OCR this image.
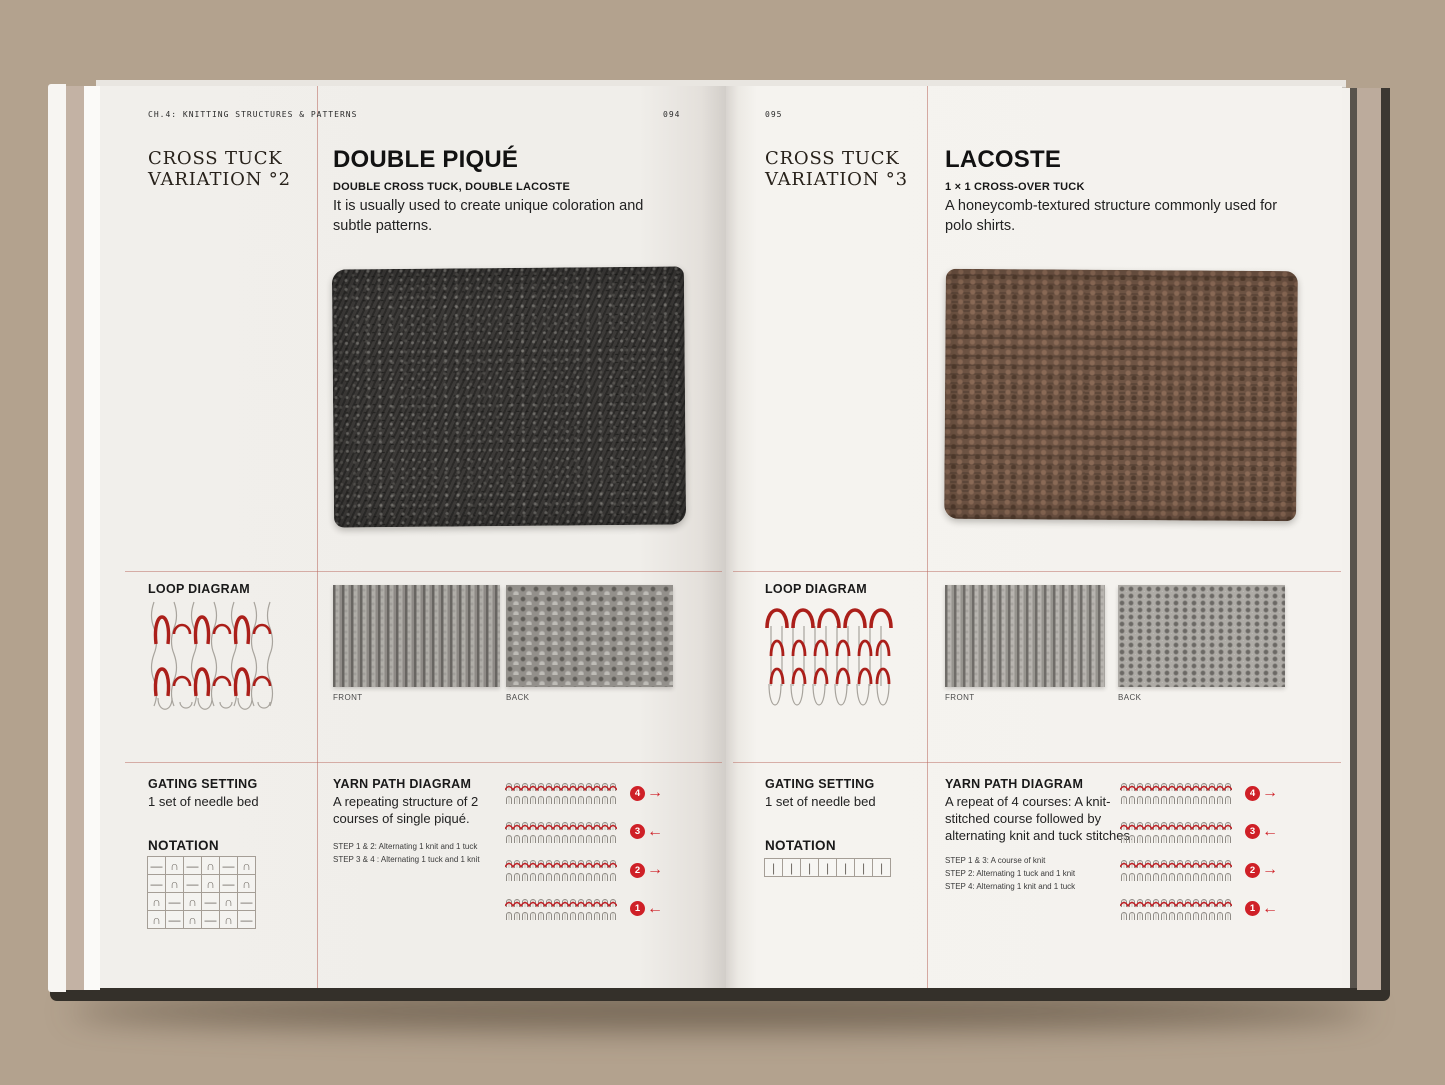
CH.4: KNITTING STRUCTURES & PATTERNS	094
CROSS TUCK
VARIATION °2
DOUBLE PIQUÉ
DOUBLE CROSS TUCK, DOUBLE LACOSTE
It is usually used to create unique coloration and subtle patterns.
LOOP DIAGRAM
FRONT	BACK
GATING SETTING
1 set of needle bed
NOTATION
— ∩ — ∩ — ∩
— ∩ — ∩ — ∩
∩ — ∩ — ∩ —
∩ — ∩ — ∩ —
YARN PATH DIAGRAM
A repeating structure of 2 courses of single piqué.
STEP 1 & 2: Alternating 1 knit and 1 tuck
STEP 3 & 4 : Alternating 1 tuck and 1 knit
4 →
3 ←
2 →
1 ←
095
CROSS TUCK
VARIATION °3
LACOSTE
1 × 1 CROSS-OVER TUCK
A honeycomb-textured structure commonly used for polo shirts.
LOOP DIAGRAM
FRONT	BACK
GATING SETTING
1 set of needle bed
NOTATION
|	|	|	|	|	|	|
YARN PATH DIAGRAM
A repeat of 4 courses: A knit-stitched course followed by alternating knit and tuck stitches.
STEP 1 & 3: A course of knit
STEP 2: Alternating 1 tuck and 1 knit
STEP 4: Alternating 1 knit and 1 tuck
4 →
3 ←
2 →
1 ←
